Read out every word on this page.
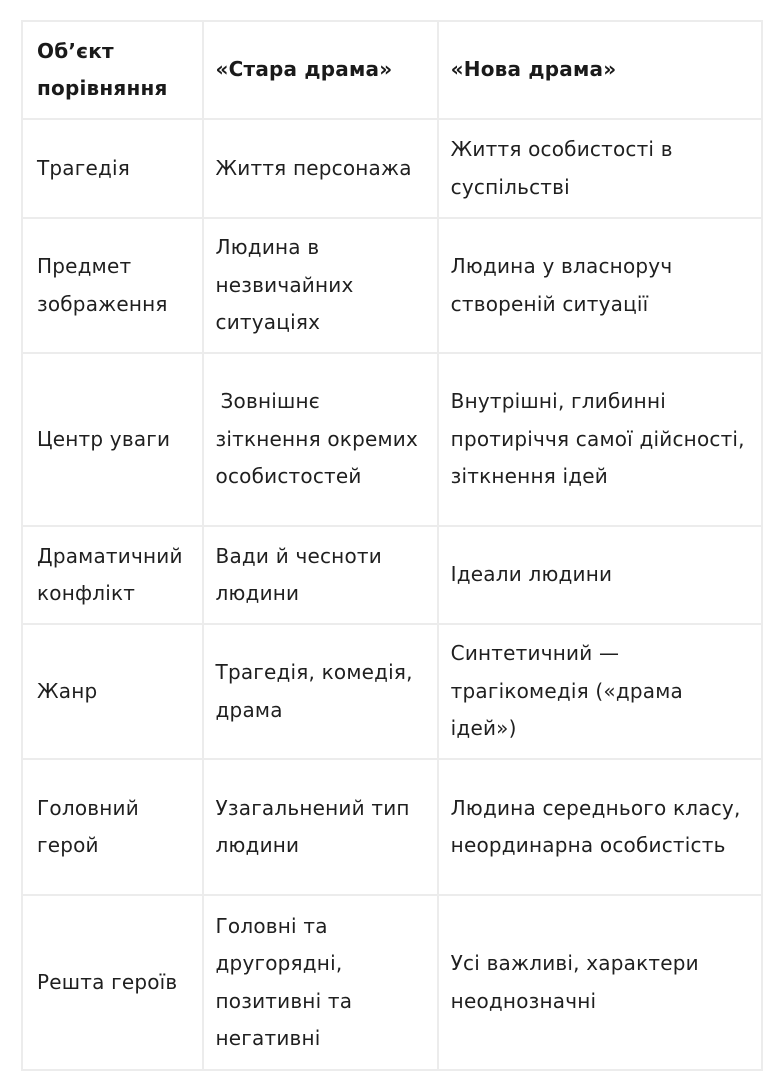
Об’єкт порівняння	«Стара драма»	«Нова драма»
Трагедія	Життя персонажа	Життя особистості в суспільстві
Предмет зображення	Людина в незвичайних ситуаціях	Людина у власноруч створеній ситуації
Центр уваги	Зовнішнє зіткнення окремих особистостей	Внутрішні, глибинні протиріччя самої дійсності, зіткнення ідей
Драматичний конфлікт	Вади й чесноти людини	Ідеали людини
Жанр	Трагедія, комедія, драма	Синтетичний — трагікомедія («драма ідей»)
Головний герой	Узагальнений тип людини	Людина середнього класу, неординарна особистість
Решта героїв	Головні та другорядні, позитивні та негативні	Усі важливі, характери неоднозначні
